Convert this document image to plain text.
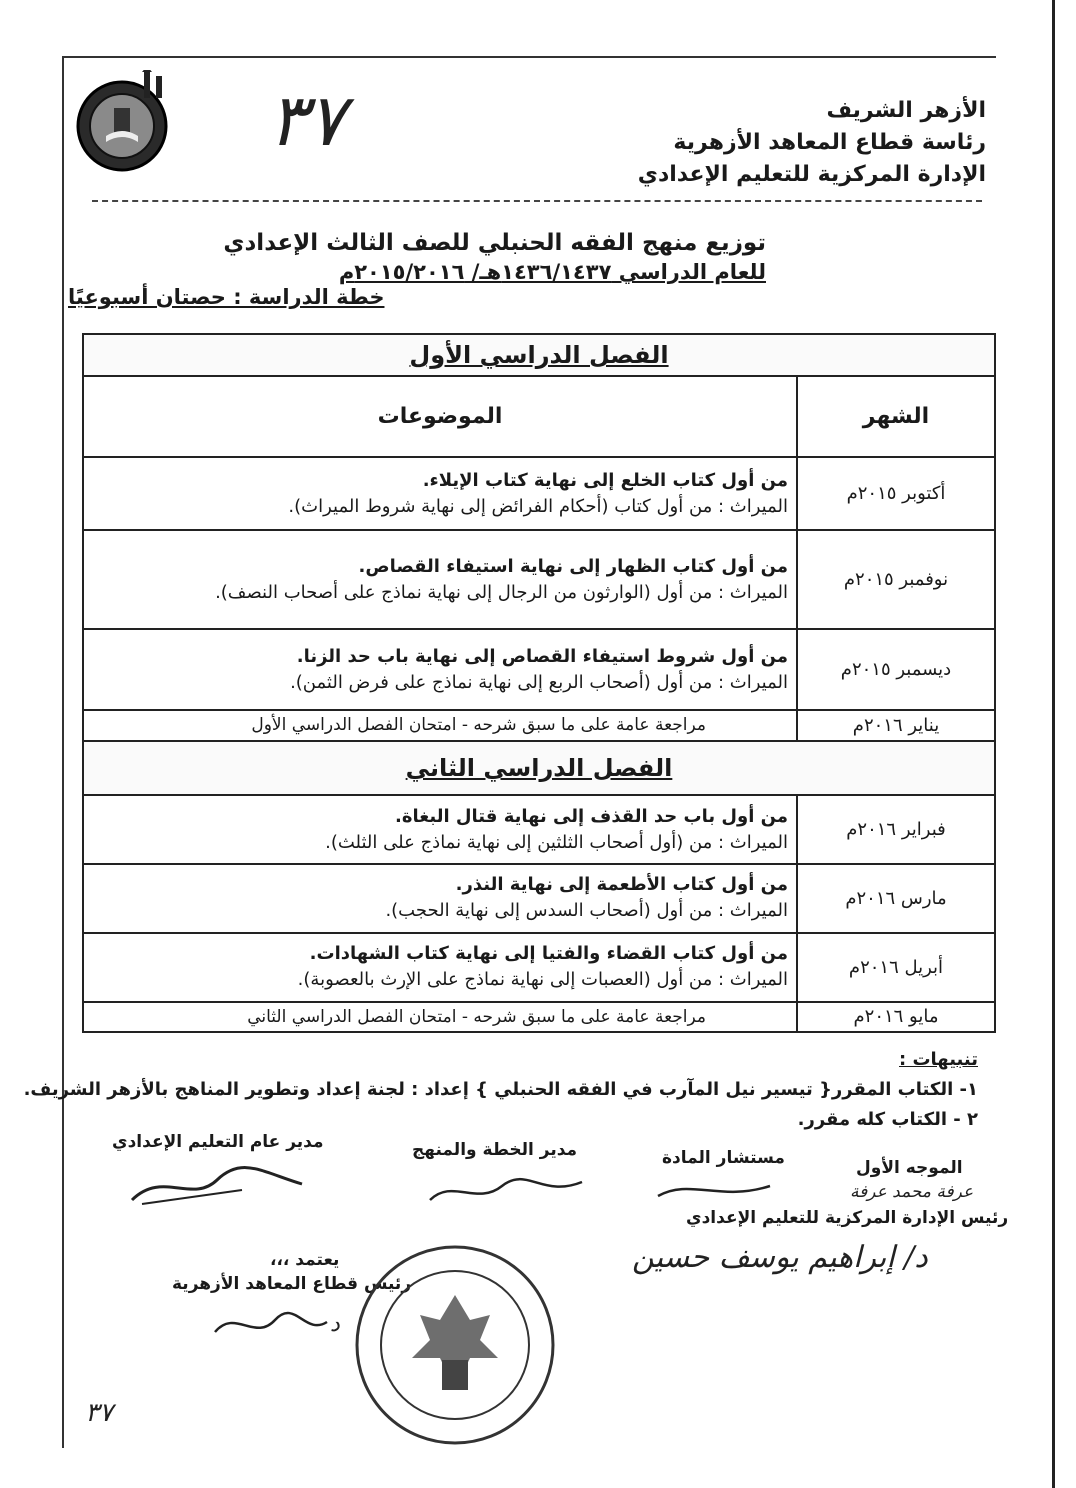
٣٧	الأزهر الشريف
رئاسة قطاع المعاهد الأزهرية
الإدارة المركزية للتعليم الإعدادي
توزيع منهج الفقه الحنبلي للصف الثالث الإعدادي
للعام الدراسي ١٤٣٦/١٤٣٧هـ/ ٢٠١٥/٢٠١٦م
خطة الدراسة : حصتان أسبوعيًا
الفصل الدراسي الأول	
الشهر	الموضوعات
أكتوبر ٢٠١٥م	من أول كتاب الخلع إلى نهاية كتاب الإيلاء.
الميراث : من أول كتاب (أحكام الفرائض إلى نهاية شروط الميراث).

نوفمبر ٢٠١٥م	من أول كتاب الظهار إلى نهاية استيفاء القصاص.
الميراث : من أول (الوارثون من الرجال إلى نهاية نماذج على أصحاب النصف).

ديسمبر ٢٠١٥م	من أول شروط استيفاء القصاص إلى نهاية باب حد الزنا.
الميراث : من أول (أصحاب الربع إلى نهاية نماذج على فرض الثمن).

يناير ٢٠١٦م	مراجعة عامة على ما سبق شرحه - امتحان الفصل الدراسي الأول
الفصل الدراسي الثاني	
فبراير ٢٠١٦م	من أول باب حد القذف إلى نهاية قتال البغاة.
الميراث : من (أول أصحاب الثلثين إلى نهاية نماذج على الثلث).

مارس ٢٠١٦م	من أول كتاب الأطعمة إلى نهاية النذر.
الميراث : من أول (أصحاب السدس إلى نهاية الحجب).

أبريل ٢٠١٦م	من أول كتاب القضاء والفتيا إلى نهاية كتاب الشهادات.
الميراث : من أول (العصبات إلى نهاية نماذج على الإرث بالعصوبة).

مايو ٢٠١٦م	مراجعة عامة على ما سبق شرحه - امتحان الفصل الدراسي الثاني
تنبيهات :
١- الكتاب المقرر{ تيسير نيل المآرب في الفقه الحنبلي } إعداد : لجنة إعداد وتطوير المناهج بالأزهر الشريف.
٢ - الكتاب كله مقرر.
مدير عام التعليم الإعدادي	مدير الخطة والمنهج	مستشار المادة	الموجه الأول
عرفة محمد عرفة
رئيس الإدارة المركزية للتعليم الإعدادي
د/ إبراهيم يوسف حسين
يعتمد ،،،
رئيس قطاع المعاهد الأزهرية
د
٣٧
